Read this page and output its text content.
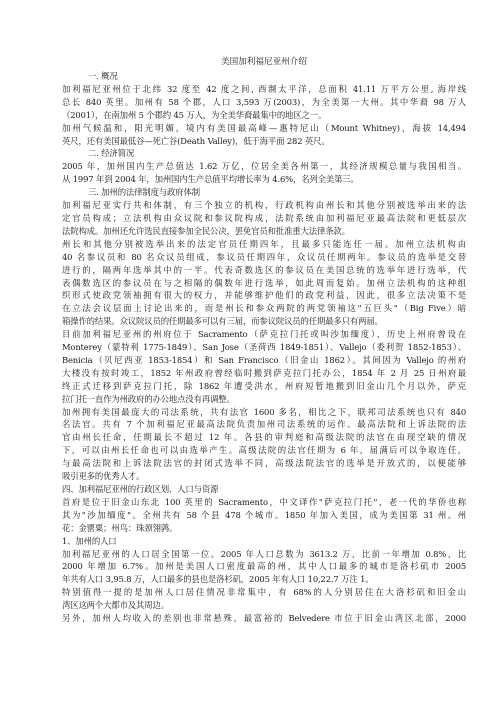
美国加利福尼亚州介绍
一. 概况
加利福尼亚州位于北纬 32 度至 42 度之间, 西濒太平洋，总面积 41.11 万平方公里, 海岸线
总长 840 英里。加州有 58 个郡，人口 3,593 万(2003)，为全美第一大州。其中华裔 98 万人
（2001），在南加州 5 个郡约 45 万人，为全美华裔最集中的地区之一。
加州气候温和，阳光明媚，境内有美国最高峰—惠特尼山（Mount Whitney)，海拔 14,494
英尺，还有美国最低谷—死亡谷(Death Valley)，低于海平面 282 英尺。
二. 经济简况
2005 年，加州国内生产总值达 1.62 万亿，位居全美各州第一，其经济规模总量与我国相当。
从 1997 年到 2004 年，加州国内生产总值平均增长率为 4.6%，名列全美第三。
三. 加州的法律制度与政府体制
加利福尼亚实行共和体制，有三个独立的机构，行政机构由州长和其他分别被选举出来的法
定官员构成；立法机构由众议院和参议院构成，法院系统由加利福尼亚最高法院和更低层次
法院构成。加州还允许选民直接参加全民公决，罢免官员和批准重大法律条款。
州长和其他分别被选举出来的法定官员任期四年，且最多只能连任一届。加州立法机构由
40 名参议员和 80 名众议员组成，参议员任期四年，众议员任期两年。参议员的选举是交替
进行的，隔两年选举其中的一半。代表奇数选区的参议员在美国总统的选举年进行选举，代
表偶数选区的参议员在与之相隔的偶数年进行选举，如此周而复始。加州立法机构的这种组
织形式使政党领袖拥有很大的权力，并能够维护他们的政党利益，因此，很多立法决策不是
在立法会议层面上讨论出来的，而是州长和参众两院的两党领袖这"五巨头"（Big Five）暗
箱操作的结果。众议院议员的任期最多可以有三届，而参议院议员的任期最多只有两届。
目前加利福尼亚州的州府位于 Sacramento（萨克拉门托或叫沙加缅度），历史上州府曾设在
Monterey（蒙特利 1775-1849）、San Jose（圣荷西 1849-1851）、Vallejo（委利贺 1852-1853）、
Benicia（贝尼西亚 1853-1854）和 San Francisco（旧金山 1862）。其间因为 Vallejo 的州府
大楼没有按时竣工，1852 年州政府曾经临时搬到萨克拉门托办公，1854 年 2 月 25 日州府最
终正式迁移到萨克拉门托，除 1862 年遭受洪水，州府短暂地搬到旧金山几个月以外，萨克
拉门托一直作为州政府的办公地点没有再调整。
加州拥有美国最庞大的司法系统，共有法官 1600 多名，相比之下，联邦司法系统也只有 840
名法官。共有 7 个加利福尼亚最高法院负责加州司法系统的运作。最高法院和上诉法院的法
官由州长任命，任期最长不超过 12 年。各县的审判庭和高级法院的法官在由现空缺的情况
下，可以由州长任命也可以由选举产生。高级法院的法官任期为 6 年，届满后可以争取连任，
与最高法院和上诉法院法官的封闭式选举不同，高级法院法官的选举是开放式的，以便能够
吸引更多的优秀人才。
四、加利福尼亚州的行政区划、人口与资源
首府是位于旧金山东北 100 英里的 Sacramento，中文译作"萨克拉门托"，老一代的华侨也称
其为"沙加缅度"。全州共有 58 个县 478 个城市。1850 年加入美国，成为美国第 31 州。州
花：金罂粟；州鸟：珠颈翎鹑。
1、加州的人口
加利福尼亚州的人口居全国第一位。2005 年人口总数为 3613.2 万，比前一年增加 0.8%，比
2000 年增加 6.7%。加州是美国人口密度最高的州，其中人口最多的城市是洛杉矶市 2005
年共有人口 3,95.8 万，人口最多的县也是洛杉矶，2005 年有人口 10,22.7 万注 1。
特别值得一提的是加州人口居住情况非常集中，有 68%的人分别居住在大洛杉矶和旧金山
湾区这两个大都市及其周边。
另外，加州人均收入的差别也非常悬殊，最富裕的 Belvedere 市位于旧金山湾区北部，2000
